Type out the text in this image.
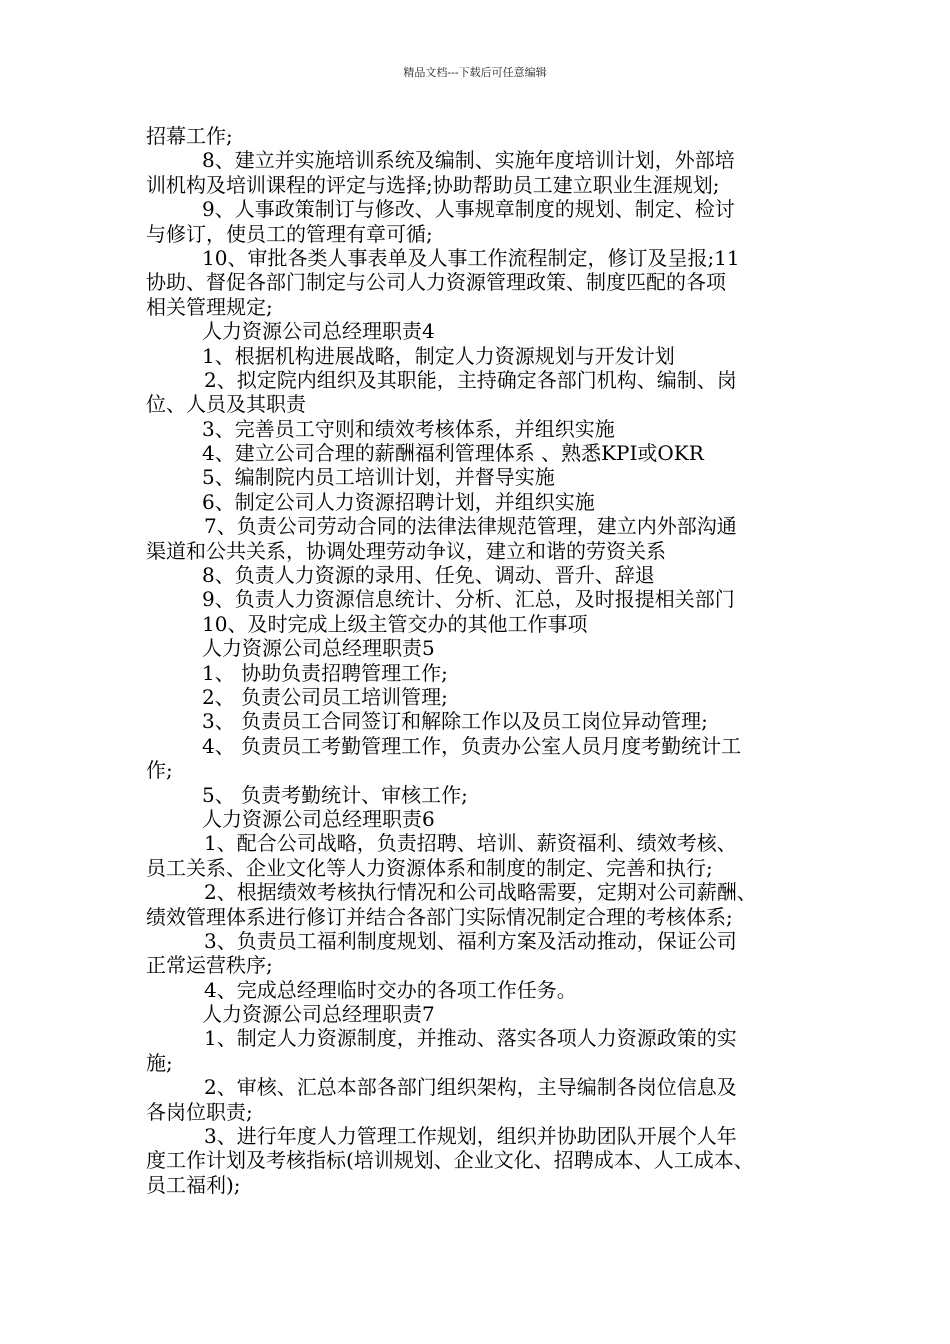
精品文档---下载后可任意编辑
招幕工作;
8、建立并实施培训系统及编制、实施年度培训计划，外部培
训机构及培训课程的评定与选择;协助帮助员工建立职业生涯规划;
9、人事政策制订与修改、人事规章制度的规划、制定、检讨
与修订，使员工的管理有章可循;
10、审批各类人事表单及人事工作流程制定，修订及呈报;11
协助、督促各部门制定与公司人力资源管理政策、制度匹配的各项
相关管理规定;
人力资源公司总经理职责4
1、根据机构进展战略，制定人力资源规划与开发计划
2、拟定院内组织及其职能，主持确定各部门机构、编制、岗
位、人员及其职责
3、完善员工守则和绩效考核体系，并组织实施
4、建立公司合理的薪酬福利管理体系 、熟悉KPI或OKR
5、编制院内员工培训计划，并督导实施
6、制定公司人力资源招聘计划，并组织实施
7、负责公司劳动合同的法律法律规范管理，建立内外部沟通
渠道和公共关系，协调处理劳动争议，建立和谐的劳资关系
8、负责人力资源的录用、任免、调动、晋升、辞退
9、负责人力资源信息统计、分析、汇总，及时报提相关部门
10、及时完成上级主管交办的其他工作事项
人力资源公司总经理职责5
1、 协助负责招聘管理工作;
2、 负责公司员工培训管理;
3、 负责员工合同签订和解除工作以及员工岗位异动管理;
4、 负责员工考勤管理工作，负责办公室人员月度考勤统计工
作;
5、 负责考勤统计、审核工作;
人力资源公司总经理职责6
1、配合公司战略，负责招聘、培训、薪资福利、绩效考核、
员工关系、企业文化等人力资源体系和制度的制定、完善和执行;
2、根据绩效考核执行情况和公司战略需要，定期对公司薪酬、
绩效管理体系进行修订并结合各部门实际情况制定合理的考核体系;
3、负责员工福利制度规划、福利方案及活动推动，保证公司
正常运营秩序;
4、完成总经理临时交办的各项工作任务。
人力资源公司总经理职责7
1、制定人力资源制度，并推动、落实各项人力资源政策的实
施;
2、审核、汇总本部各部门组织架构，主导编制各岗位信息及
各岗位职责;
3、进行年度人力管理工作规划，组织并协助团队开展个人年
度工作计划及考核指标(培训规划、企业文化、招聘成本、人工成本、
员工福利);
